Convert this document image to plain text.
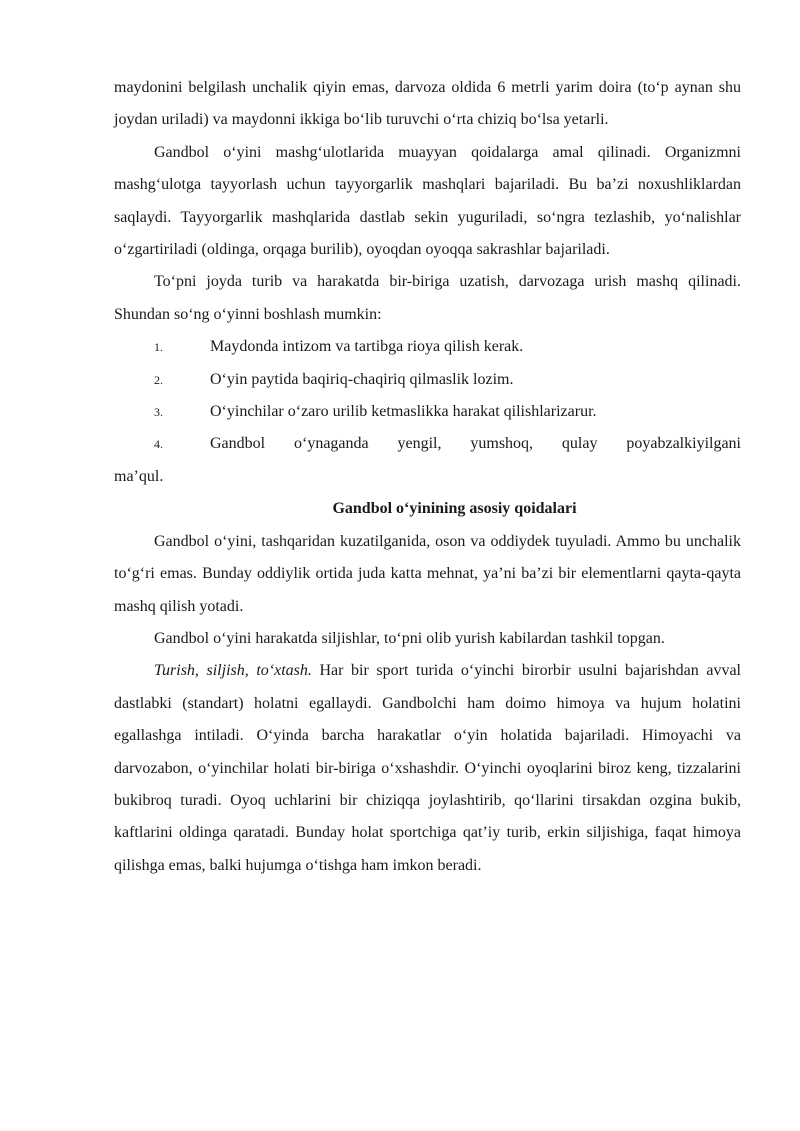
maydonini belgilash unchalik qiyin emas, darvoza oldida 6 metrli yarim doira (to‘p aynan shu joydan uriladi) va maydonni ikkiga bo‘lib turuvchi o‘rta chiziq bo‘lsa yetarli.

Gandbol o‘yini mashg‘ulotlarida muayyan qoidalarga amal qilinadi. Organizmni mashg‘ulotga tayyorlash uchun tayyorgarlik mashqlari bajariladi. Bu ba’zi noxushliklardan saqlaydi. Tayyorgarlik mashqlarida dastlab sekin yuguriladi, so‘ngra tezlashib, yo‘nalishlar o‘zgartiriladi (oldinga, orqaga burilib), oyoqdan oyoqqa sakrashlar bajariladi.

To‘pni joyda turib va harakatda bir-biriga uzatish, darvozaga urish mashq qilinadi. Shundan so‘ng o‘yinni boshlash mumkin:

1.	Maydonda intizom va tartibga rioya qilish kerak.
2.	O‘yin paytida baqiriq-chaqiriq qilmaslik lozim.
3.	O‘yinchilar o‘zaro urilib ketmaslikka harakat qilishlarizarur.
4.	Gandbol o‘ynaganda yengil, yumshoq, qulay poyabzalkiyilgani

ma’qul.

Gandbol o‘yinining asosiy qoidalari

Gandbol o‘yini, tashqaridan kuzatilganida, oson va oddiydek tuyuladi. Ammo bu unchalik to‘g‘ri emas. Bunday oddiylik ortida juda katta mehnat, ya’ni ba’zi bir elementlarni qayta-qayta mashq qilish yotadi.

Gandbol o‘yini harakatda siljishlar, to‘pni olib yurish kabilardan tashkil topgan.

Turish, siljish, to‘xtash. Har bir sport turida o‘yinchi birorbir usulni bajarishdan avval dastlabki (standart) holatni egallaydi. Gandbolchi ham doimo himoya va hujum holatini egallashga intiladi. O‘yinda barcha harakatlar o‘yin holatida bajariladi. Himoyachi va darvozabon, o‘yinchilar holati bir-biriga o‘xshashdir. O‘yinchi oyoqlarini biroz keng, tizzalarini bukibroq turadi. Oyoq uchlarini bir chiziqqa joylashtirib, qo‘llarini tirsakdan ozgina bukib, kaftlarini oldinga qaratadi. Bunday holat sportchiga qat’iy turib, erkin siljishiga, faqat himoya qilishga emas, balki hujumga o‘tishga ham imkon beradi.
